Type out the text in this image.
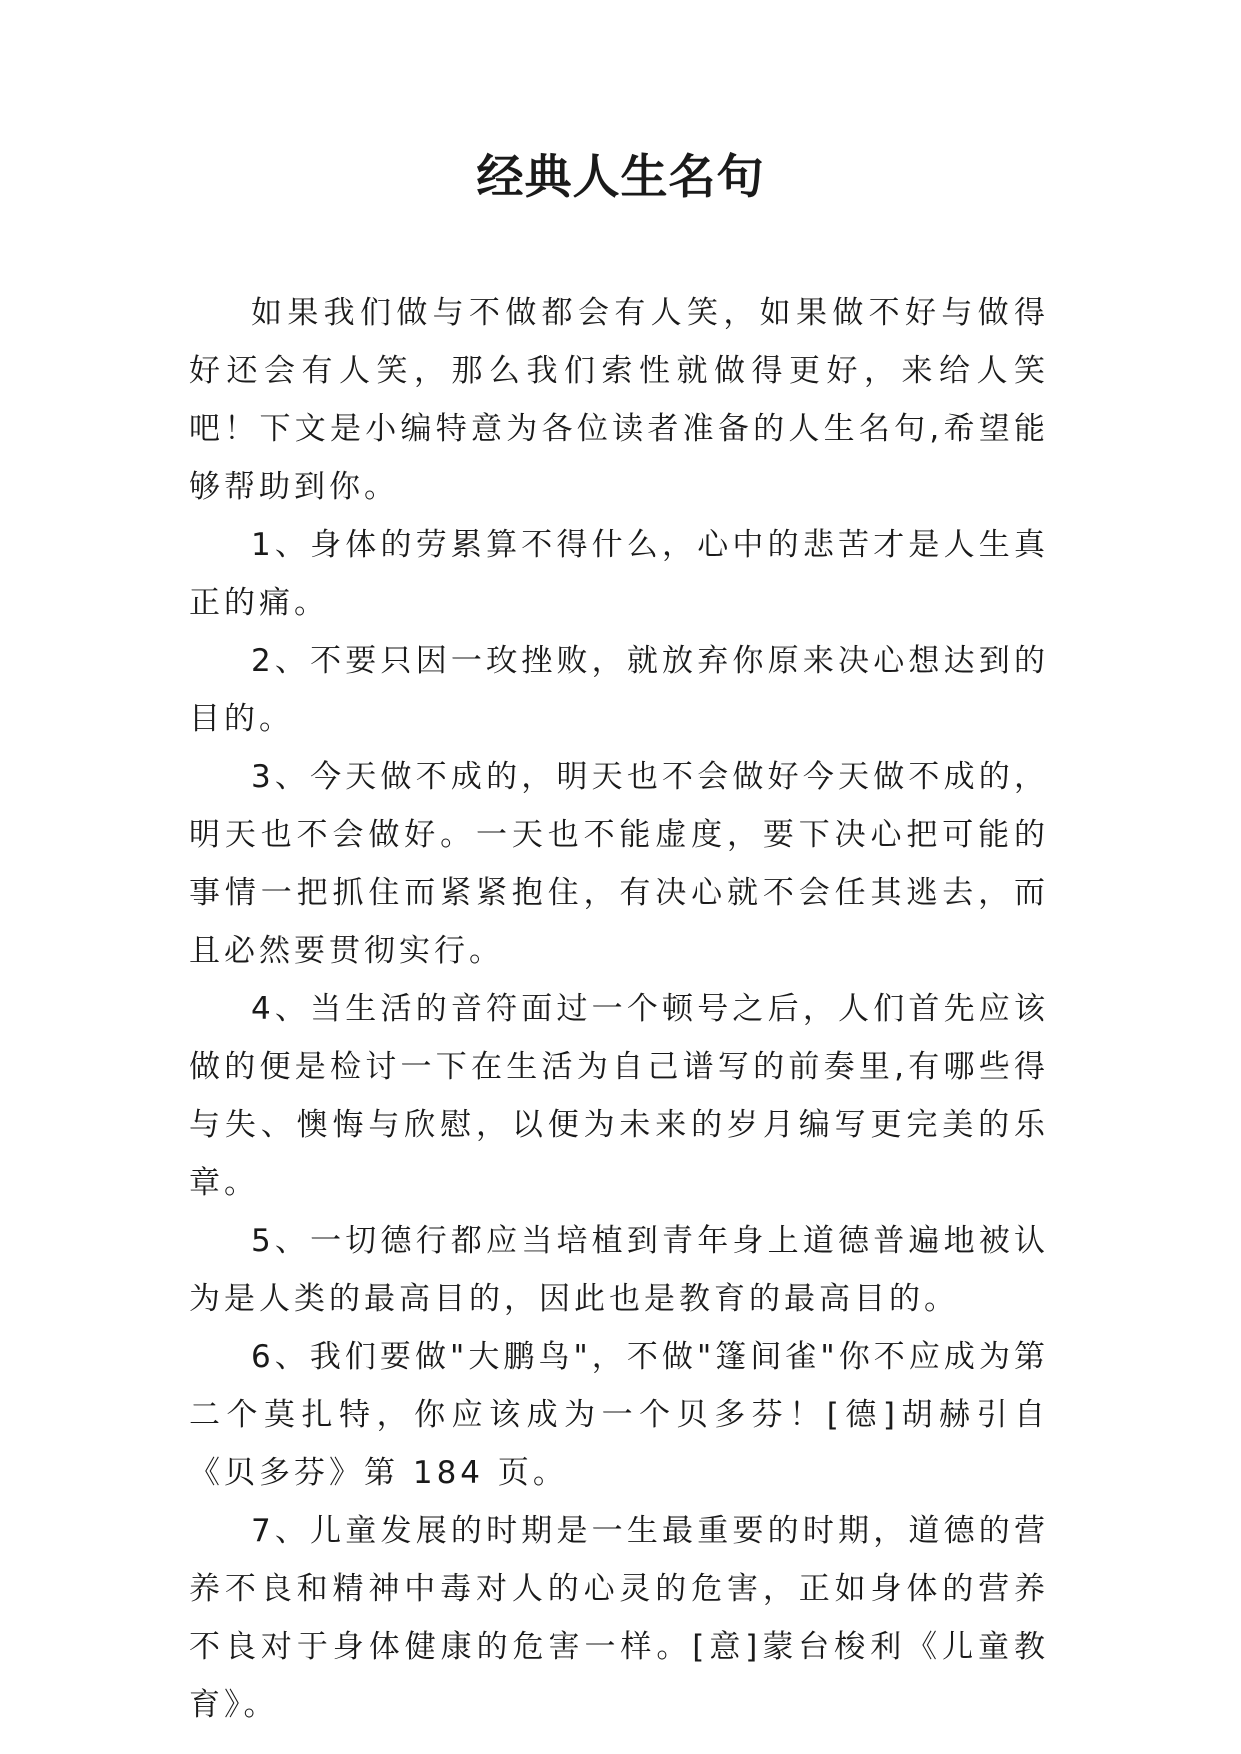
经典人生名句

如果我们做与不做都会有人笑，如果做不好与做得好还会有人笑，那么我们索性就做得更好，来给人笑吧！下文是小编特意为各位读者准备的人生名句,希望能够帮助到你。

1、身体的劳累算不得什么，心中的悲苦才是人生真正的痛。

2、不要只因一玫挫败，就放弃你原来决心想达到的目的。

3、今天做不成的，明天也不会做好今天做不成的，明天也不会做好。一天也不能虚度，要下决心把可能的事情一把抓住而紧紧抱住，有决心就不会任其逃去，而且必然要贯彻实行。

4、当生活的音符面过一个顿号之后，人们首先应该做的便是检讨一下在生活为自己谱写的前奏里,有哪些得与失、懊悔与欣慰，以便为未来的岁月编写更完美的乐章。

5、一切德行都应当培植到青年身上道德普遍地被认为是人类的最高目的，因此也是教育的最高目的。

6、我们要做"大鹏鸟"，不做"篷间雀"你不应成为第二个莫扎特，你应该成为一个贝多芬！[德]胡赫引自《贝多芬》第 184 页。

7、儿童发展的时期是一生最重要的时期，道德的营养不良和精神中毒对人的心灵的危害，正如身体的营养不良对于身体健康的危害一样。[意]蒙台梭利《儿童教育》。
